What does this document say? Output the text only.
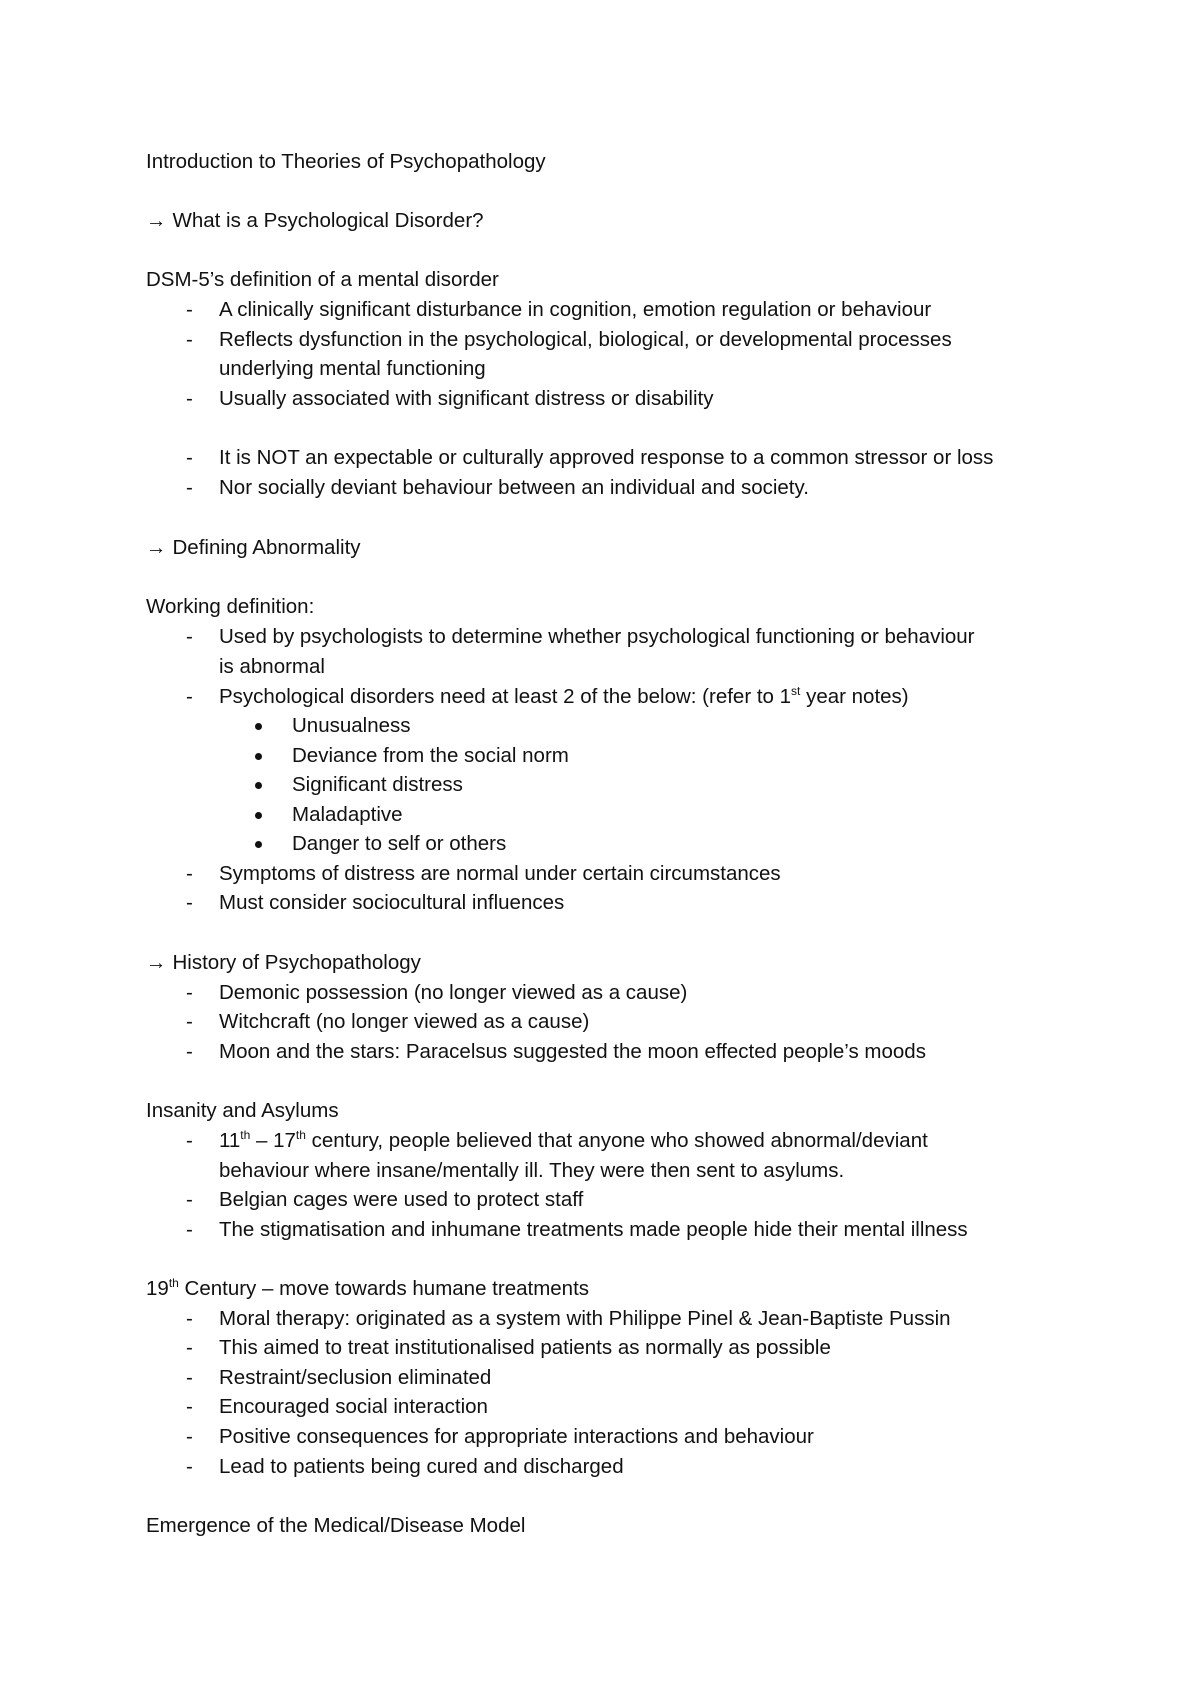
Introduction to Theories of Psychopathology
→ What is a Psychological Disorder?
DSM-5’s definition of a mental disorder
- A clinically significant disturbance in cognition, emotion regulation or behaviour
- Reflects dysfunction in the psychological, biological, or developmental processes
underlying mental functioning
- Usually associated with significant distress or disability
- It is NOT an expectable or culturally approved response to a common stressor or loss
- Nor socially deviant behaviour between an individual and society.
→ Defining Abnormality
Working definition:
- Used by psychologists to determine whether psychological functioning or behaviour
is abnormal
- Psychological disorders need at least 2 of the below: (refer to 1st year notes)
Unusualness
Deviance from the social norm
Significant distress
Maladaptive
Danger to self or others
- Symptoms of distress are normal under certain circumstances
- Must consider sociocultural influences
→ History of Psychopathology
- Demonic possession (no longer viewed as a cause)
- Witchcraft (no longer viewed as a cause)
- Moon and the stars: Paracelsus suggested the moon effected people’s moods
Insanity and Asylums
- 11th – 17th century, people believed that anyone who showed abnormal/deviant
behaviour where insane/mentally ill. They were then sent to asylums.
- Belgian cages were used to protect staff
- The stigmatisation and inhumane treatments made people hide their mental illness
19th Century – move towards humane treatments
- Moral therapy: originated as a system with Philippe Pinel & Jean-Baptiste Pussin
- This aimed to treat institutionalised patients as normally as possible
- Restraint/seclusion eliminated
- Encouraged social interaction
- Positive consequences for appropriate interactions and behaviour
- Lead to patients being cured and discharged
Emergence of the Medical/Disease Model
